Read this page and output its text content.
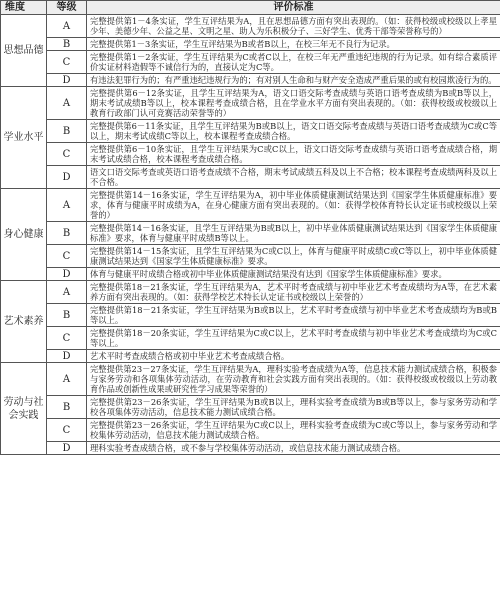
维度	等级	评价标准
思想品德	A	完整提供第1－4条实证，学生互评结果为A，且在思想品德方面有突出表现的。（如：获得校级或校级以上孝星少年、美德少年、公益之星、文明之星、助人为乐积极分子、三好学生、优秀干部等荣誉称号的）
	B	完整提供第1－3条实证，学生互评结果为B或者B以上，在校三年无不良行为记录。
	C	完整提供第1－2条实证，学生互评结果为C或者C以上，在校三年无严重违纪违规的行为记录。如有综合素质评价实证材料造假等不诚信行为的，直接认定为C等。
	D	有违法犯罪行为的；有严重违纪违规行为的；有对别人生命和与财产安全造成严重后果的或有校园欺凌行为的。
学业水平	A	完整提供第6－12条实证，且学生互评结果为A，语文口语交际考查成绩与英语口语考查成绩为B或B等以上，期末考试成绩B等以上，校本课程考查成绩合格，且在学业水平方面有突出表现的。（如：获得校级或校级以上教育行政部门认可竞赛活动荣誉等的）
	B	完整提供第6－11条实证，且学生互评结果为B或B以上，语文口语交际考查成绩与英语口语考查成绩为C或C等以上，期末考试成绩C等以上，校本课程考查成绩合格。
	C	完整提供第6－10条实证，且学生互评结果为C或C以上，语文口语交际考查成绩与英语口语考查成绩合格，期末考试成绩合格，校本课程考查成绩合格。
	D	语文口语交际考查或英语口语考查成绩不合格，期末考试成绩五科及以上不合格；校本课程考查成绩两科及以上不合格。
身心健康	A	完整提供第14－16条实证，学生互评结果为A，初中毕业体质健康测试结果达到《国家学生体质健康标准》要求，体育与健康平时成绩为A，在身心健康方面有突出表现的。（如：获得学校体育特长认定证书或校级以上荣誉的）
	B	完整提供第14－16条实证，且学生互评结果为B或B以上，初中毕业体质健康测试结果达到《国家学生体质健康标准》要求，体育与健康平时成绩B等以上。
	C	完整提供第14－15条实证，且学生互评结果为C或C以上，体育与健康平时成绩C或C等以上，初中毕业体质健康测试结果达到《国家学生体质健康标准》要求。
	D	体育与健康平时成绩合格或初中毕业体质健康测试结果没有达到《国家学生体质健康标准》要求。
艺术素养	A	完整提供第18－21条实证，学生互评结果为A，艺术平时考查成绩与初中毕业艺术考查成绩均为A等，在艺术素养方面有突出表现的。（如：获得学校艺术特长认定证书或校级以上荣誉的）
	B	完整提供第18－21条实证，学生互评结果为B或B以上，艺术平时考查成绩与初中毕业艺术考查成绩均为B或B等以上。
	C	完整提供第18－20条实证，学生互评结果为C或C以上，艺术平时考查成绩与初中毕业艺术考查成绩均为C或C等以上。
	D	艺术平时考查成绩合格或初中毕业艺术考查成绩合格。
劳动与社会实践	A	完整提供第23－27条实证，学生互评结果为A，理科实验考查成绩为A等，信息技术能力测试成绩合格，积极参与家务劳动和各项集体劳动活动，在劳动教育和社会实践方面有突出表现的。（如：获得校级或校级以上劳动教育作品或创新性成果或研究性学习成果等荣誉的）
	B	完整提供第23－26条实证，学生互评结果为B或B以上，理科实验考查成绩为B或B等以上，参与家务劳动和学校各项集体劳动活动，信息技术能力测试成绩合格。
	C	完整提供第23－26条实证，学生互评结果为C或C以上，理科实验考查成绩为C或C等以上，参与家务劳动和学校集体劳动活动，信息技术能力测试成绩合格。
	D	理科实验考查成绩合格，或不参与学校集体劳动活动，或信息技术能力测试成绩合格。
